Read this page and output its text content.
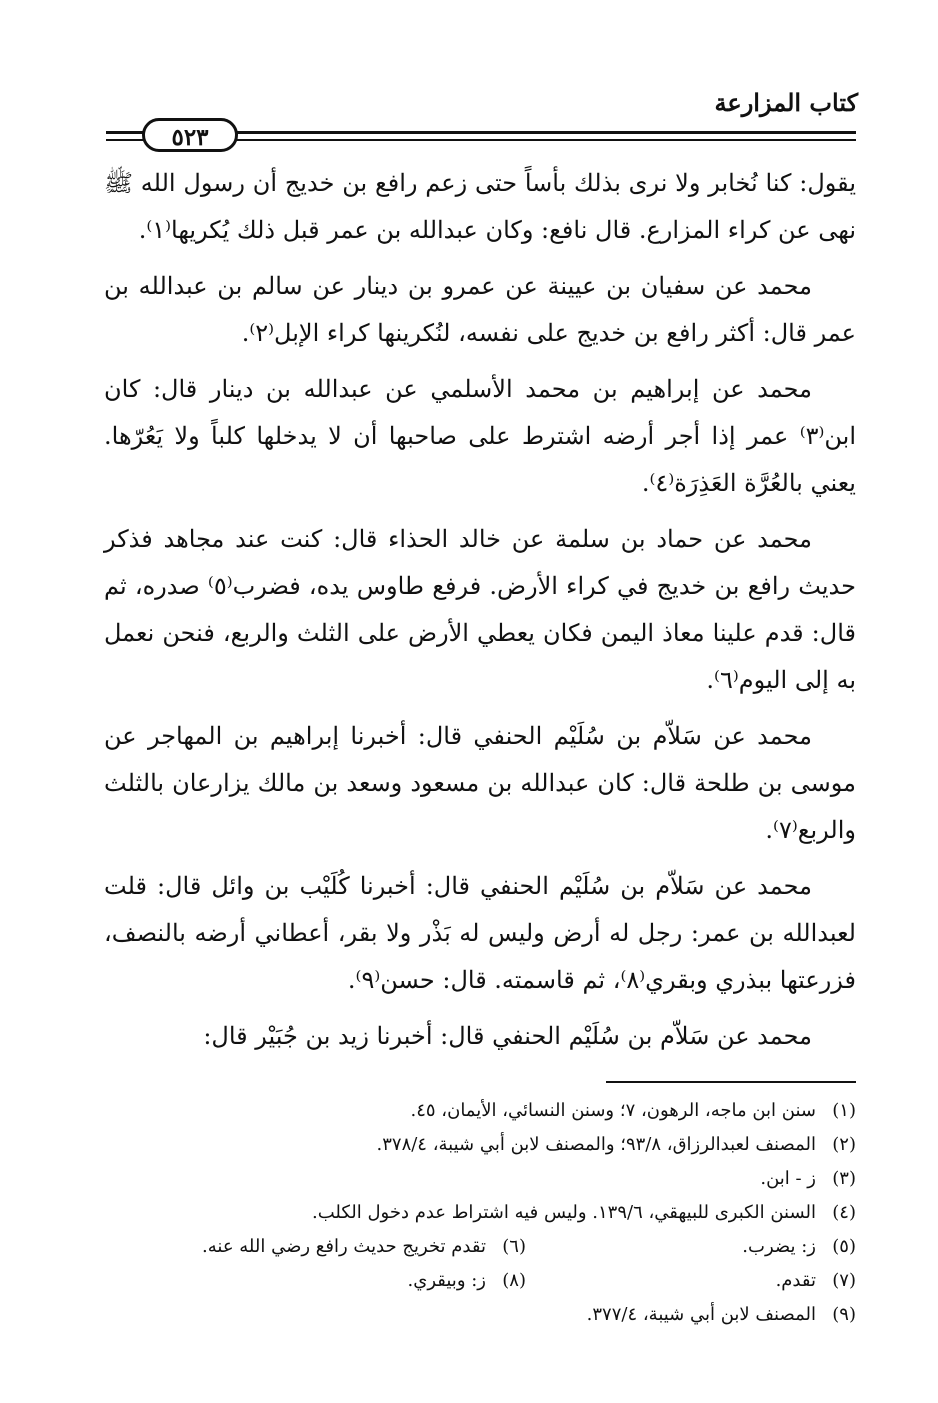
كتاب المزارعة
٥٢٣

يقول: كنا نُخابر ولا نرى بذلك بأساً حتى زعم رافع بن خديج أن رسول الله ﷺ نهى عن كراء المزارع. قال نافع: وكان عبدالله بن عمر قبل ذلك يُكريها⁽١⁾.

محمد عن سفيان بن عيينة عن عمرو بن دينار عن سالم بن عبدالله بن عمر قال: أكثر رافع بن خديج على نفسه، لنُكرينها كراء الإبل⁽٢⁾.

محمد عن إبراهيم بن محمد الأسلمي عن عبدالله بن دينار قال: كان ابن⁽٣⁾ عمر إذا أجر أرضه اشترط على صاحبها أن لا يدخلها كلباً ولا يَعُرّها. يعني بالعُرَّة العَذِرَة⁽٤⁾.

محمد عن حماد بن سلمة عن خالد الحذاء قال: كنت عند مجاهد فذكر حديث رافع بن خديج في كراء الأرض. فرفع طاوس يده، فضرب⁽٥⁾ صدره، ثم قال: قدم علينا معاذ اليمن فكان يعطي الأرض على الثلث والربع، فنحن نعمل به إلى اليوم⁽٦⁾.

محمد عن سَلاّم بن سُلَيْم الحنفي قال: أخبرنا إبراهيم بن المهاجر عن موسى بن طلحة قال: كان عبدالله بن مسعود وسعد بن مالك يزارعان بالثلث والربع⁽٧⁾.

محمد عن سَلاّم بن سُلَيْم الحنفي قال: أخبرنا كُلَيْب بن وائل قال: قلت لعبدالله بن عمر: رجل له أرض وليس له بَذْر ولا بقر، أعطاني أرضه بالنصف، فزرعتها ببذري وبقري⁽٨⁾، ثم قاسمته. قال: حسن⁽٩⁾.

محمد عن سَلاّم بن سُلَيْم الحنفي قال: أخبرنا زيد بن جُبَيْر قال:

(١)سنن ابن ماجه، الرهون، ٧؛ وسنن النسائي، الأيمان، ٤٥.
(٢)المصنف لعبدالرزاق، ٩٣/٨؛ والمصنف لابن أبي شيبة، ٣٧٨/٤.
(٣)ز - ابن.
(٤)السنن الكبرى للبيهقي، ١٣٩/٦. وليس فيه اشتراط عدم دخول الكلب.
(٥)ز: يضرب.
(٦)تقدم تخريج حديث رافع رضي الله عنه.
(٧)تقدم.
(٨)ز: وبيقري.
(٩)المصنف لابن أبي شيبة، ٣٧٧/٤.
